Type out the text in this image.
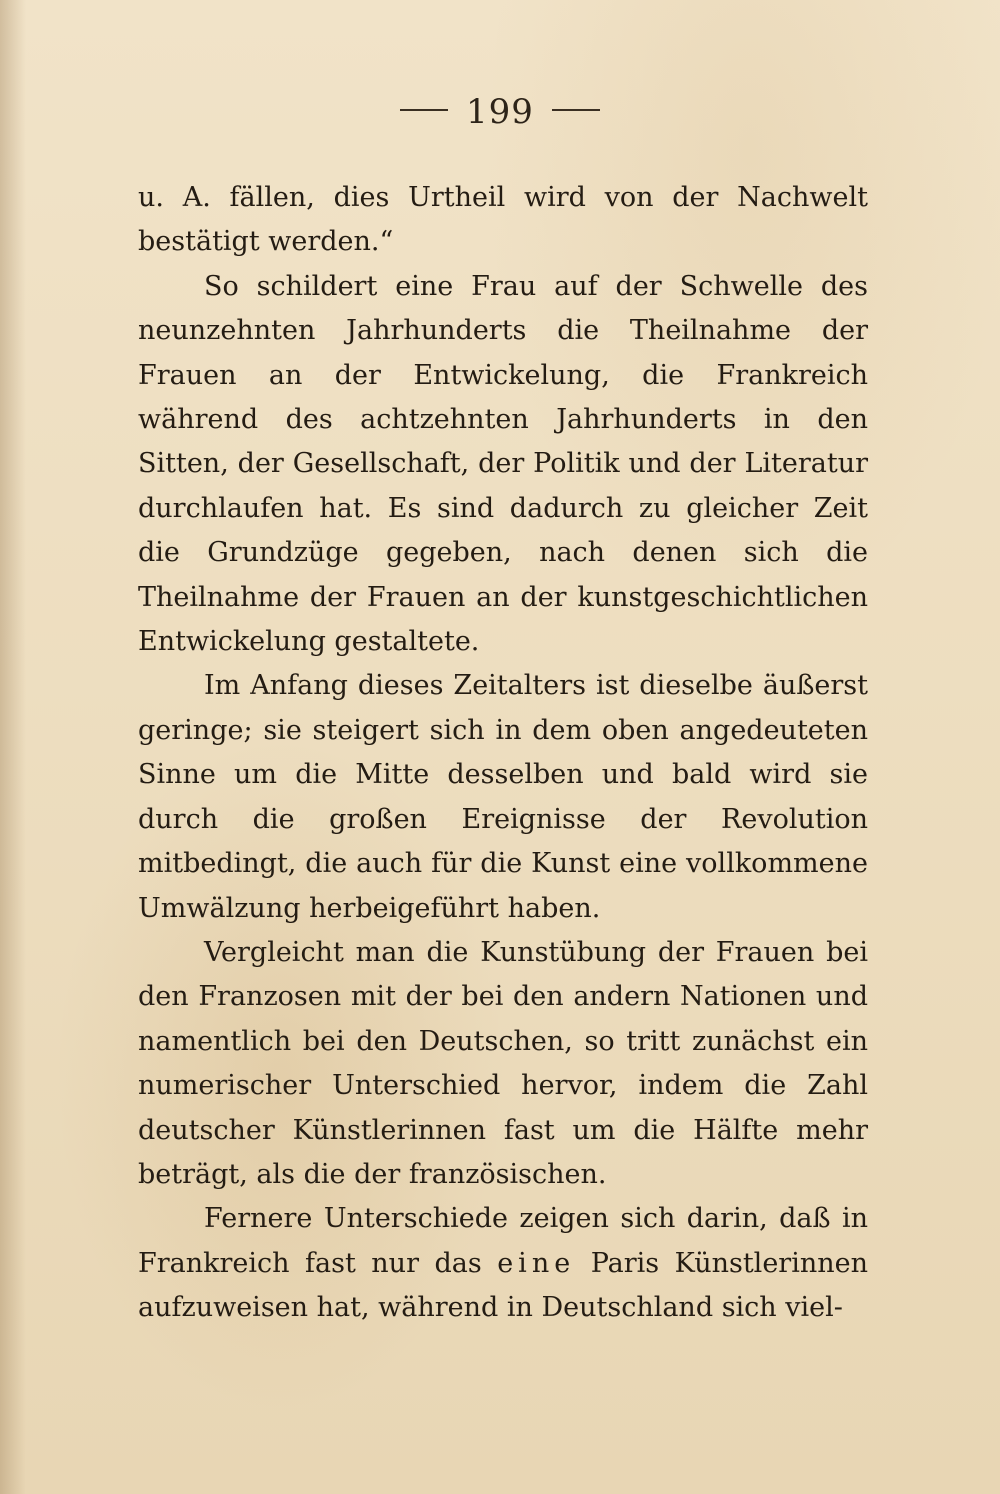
199

u. A. fällen, dies Urtheil wird von der Nachwelt bestätigt werden.“

So schildert eine Frau auf der Schwelle des neunzehnten Jahrhunderts die Theilnahme der Frauen an der Entwickelung, die Frankreich während des achtzehnten Jahrhunderts in den Sitten, der Gesellschaft, der Politik und der Literatur durchlaufen hat. Es sind dadurch zu gleicher Zeit die Grundzüge gegeben, nach denen sich die Theilnahme der Frauen an der kunstgeschichtlichen Entwickelung gestaltete.

Im Anfang dieses Zeitalters ist dieselbe äußerst geringe; sie steigert sich in dem oben angedeuteten Sinne um die Mitte desselben und bald wird sie durch die großen Ereignisse der Revolution mitbedingt, die auch für die Kunst eine vollkommene Umwälzung herbeigeführt haben.

Vergleicht man die Kunstübung der Frauen bei den Franzosen mit der bei den andern Nationen und namentlich bei den Deutschen, so tritt zunächst ein numerischer Unterschied hervor, indem die Zahl deutscher Künstlerinnen fast um die Hälfte mehr beträgt, als die der französischen.

Fernere Unterschiede zeigen sich darin, daß in Frankreich fast nur das eine Paris Künstlerinnen aufzuweisen hat, während in Deutschland sich viel-
